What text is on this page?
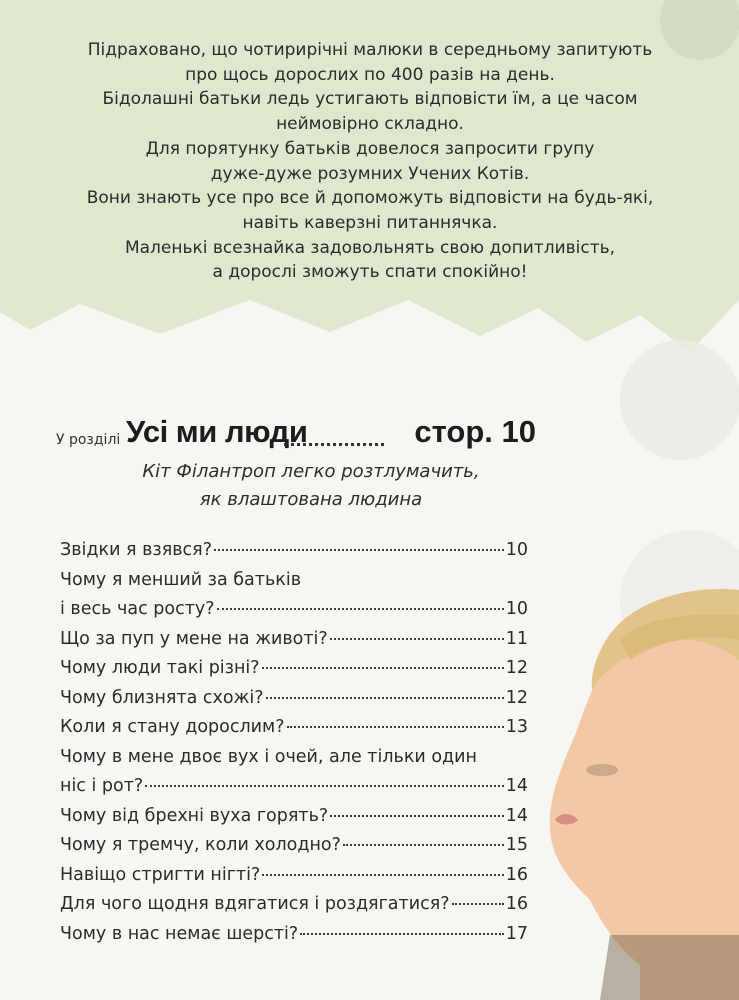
Підраховано, що чотирирічні малюки в середньому запитують

про щось дорослих по 400 разів на день.

Бідолашні батьки ледь устигають відповісти їм, а це часом

неймовірно складно.

Для порятунку батьків довелося запросити групу

дуже-дуже розумних Учених Котів.

Вони знають усе про все й допоможуть відповісти на будь-які,

навіть каверзні питаннячка.

Маленькі всезнайка задовольнять свою допитливість,

а дорослі зможуть спати спокійно!

У розділі Усі ми люди	стор. 10

Кіт Філантроп легко розтлумачить,

як влаштована людина

Звідки я взявся?	10
Чому я менший за батьків
і весь час росту?	10
Що за пуп у мене на животі?	11
Чому люди такі різні?	12
Чому близнята схожі?	12
Коли я стану дорослим?	13
Чому в мене двоє вух і очей, але тільки один
ніс і рот?	14
Чому від брехні вуха горять?	14
Чому я тремчу, коли холодно?	15
Навіщо стригти нігті?	16
Для чого щодня вдягатися і роздягатися?	16
Чому в нас немає шерсті?	17
